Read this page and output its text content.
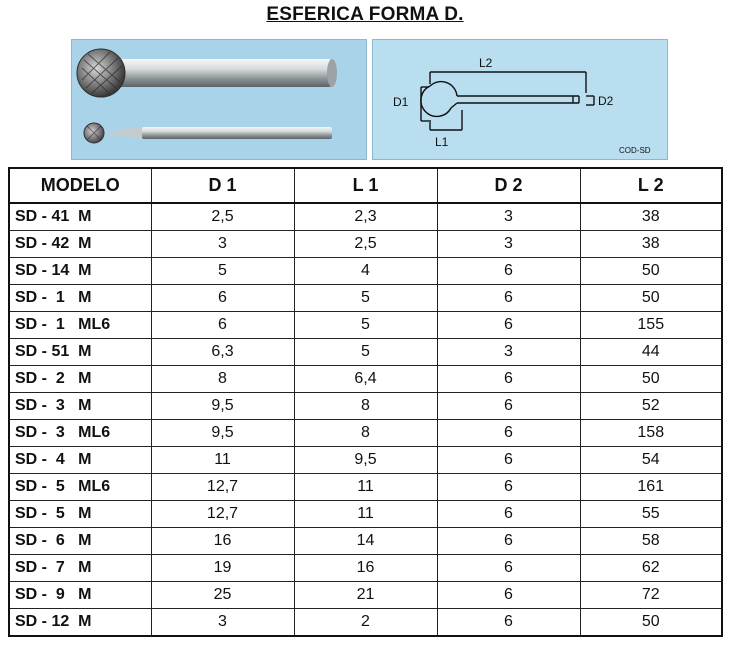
ESFERICA FORMA D.
L2
D1	D2
L1
COD-SD
MODELO	D 1	L 1	D 2	L 2
SD - 41  M	2,5	2,3	3	38
SD - 42  M	3	2,5	3	38
SD - 14  M	5	4	6	50
SD -  1   M	6	5	6	50
SD -  1   ML6	6	5	6	155
SD - 51  M	6,3	5	3	44
SD -  2   M	8	6,4	6	50
SD -  3   M	9,5	8	6	52
SD -  3   ML6	9,5	8	6	158
SD -  4   M	11	9,5	6	54
SD -  5   ML6	12,7	11	6	161
SD -  5   M	12,7	11	6	55
SD -  6   M	16	14	6	58
SD -  7   M	19	16	6	62
SD -  9   M	25	21	6	72
SD - 12  M	3	2	6	50
